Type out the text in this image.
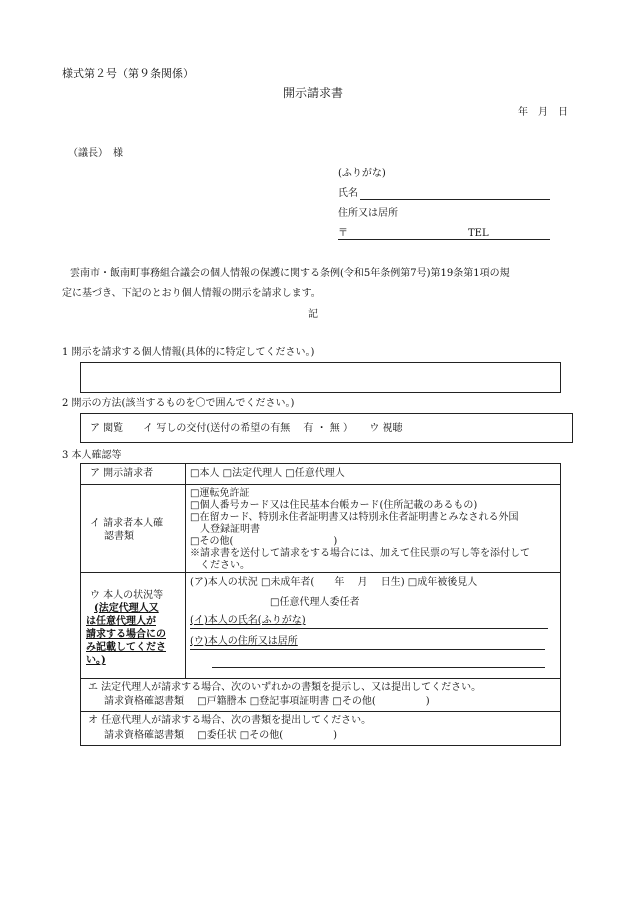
様式第２号（第９条関係）
開示請求書
年　月　日
（議長）　様
(ふりがな)
氏名
住所又は居所
〒	TEL
雲南市・飯南町事務組合議会の個人情報の保護に関する条例(令和5年条例第7号)第19条第1項の規
定に基づき、下記のとおり個人情報の開示を請求します。
記
1 開示を請求する個人情報(具体的に特定してください。)
2 開示の方法(該当するものを〇で囲んでください。)
ア 閲覧　　イ 写しの交付(送付の希望の有無　 有 ・ 無 ） 　 ウ 視聴
3 本人確認等
ア 開示請求者	□本人 □法定代理人 □任意代理人
イ 請求者本人確
認書類
□運転免許証
□個人番号カード又は住民基本台帳カード(住所記載のあるもの)
□在留カード、特別永住者証明書又は特別永住者証明書とみなされる外国
人登録証明書
□その他(　　　　　　　　　　)
※請求書を送付して請求をする場合には、加えて住民票の写し等を添付して
ください。
ウ 本人の状況等
(法定代理人又
は任意代理人が
請求する場合にの
み記載してくださ
い。)
(ア)本人の状況 □未成年者(　　年　 月　 日生) □成年被後見人
□任意代理人委任者
(イ)本人の氏名(ふりがな)
(ウ)本人の住所又は居所
エ 法定代理人が請求する場合、次のいずれかの書類を提示し、又は提出してください。
請求資格確認書類　 □戸籍謄本 □登記事項証明書 □その他(　　　　　)
オ 任意代理人が請求する場合、次の書類を提出してください。
請求資格確認書類　 □委任状 □その他(　　　　　)
